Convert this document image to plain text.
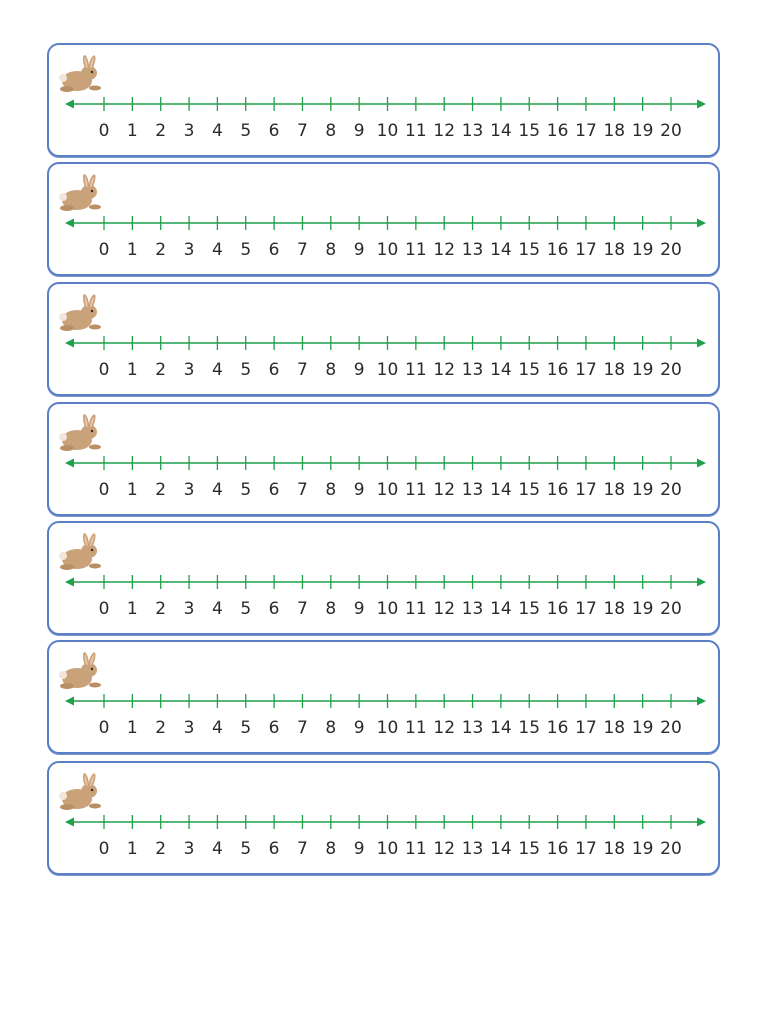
0 1 2 3 4 5 6 7 8 9 10 11 12 13 14 15 16 17 18 19 20
0 1 2 3 4 5 6 7 8 9 10 11 12 13 14 15 16 17 18 19 20
0 1 2 3 4 5 6 7 8 9 10 11 12 13 14 15 16 17 18 19 20
0 1 2 3 4 5 6 7 8 9 10 11 12 13 14 15 16 17 18 19 20
0 1 2 3 4 5 6 7 8 9 10 11 12 13 14 15 16 17 18 19 20
0 1 2 3 4 5 6 7 8 9 10 11 12 13 14 15 16 17 18 19 20
0 1 2 3 4 5 6 7 8 9 10 11 12 13 14 15 16 17 18 19 20
